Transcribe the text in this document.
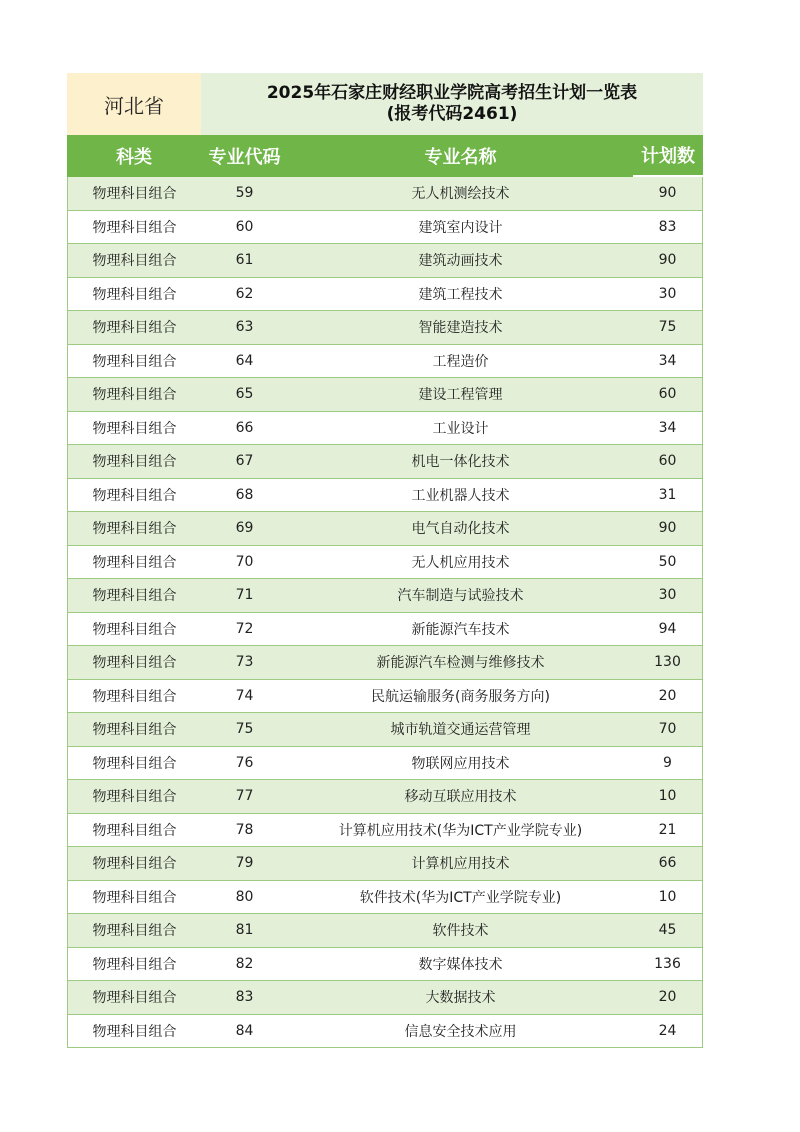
河北省
2025年石家庄财经职业学院高考招生计划一览表
(报考代码2461)
科类	专业代码	专业名称	计划数
物理科目组合	59	无人机测绘技术	90
物理科目组合	60	建筑室内设计	83
物理科目组合	61	建筑动画技术	90
物理科目组合	62	建筑工程技术	30
物理科目组合	63	智能建造技术	75
物理科目组合	64	工程造价	34
物理科目组合	65	建设工程管理	60
物理科目组合	66	工业设计	34
物理科目组合	67	机电一体化技术	60
物理科目组合	68	工业机器人技术	31
物理科目组合	69	电气自动化技术	90
物理科目组合	70	无人机应用技术	50
物理科目组合	71	汽车制造与试验技术	30
物理科目组合	72	新能源汽车技术	94
物理科目组合	73	新能源汽车检测与维修技术	130
物理科目组合	74	民航运输服务(商务服务方向)	20
物理科目组合	75	城市轨道交通运营管理	70
物理科目组合	76	物联网应用技术	9
物理科目组合	77	移动互联应用技术	10
物理科目组合	78	计算机应用技术(华为ICT产业学院专业)	21
物理科目组合	79	计算机应用技术	66
物理科目组合	80	软件技术(华为ICT产业学院专业)	10
物理科目组合	81	软件技术	45
物理科目组合	82	数字媒体技术	136
物理科目组合	83	大数据技术	20
物理科目组合	84	信息安全技术应用	24
